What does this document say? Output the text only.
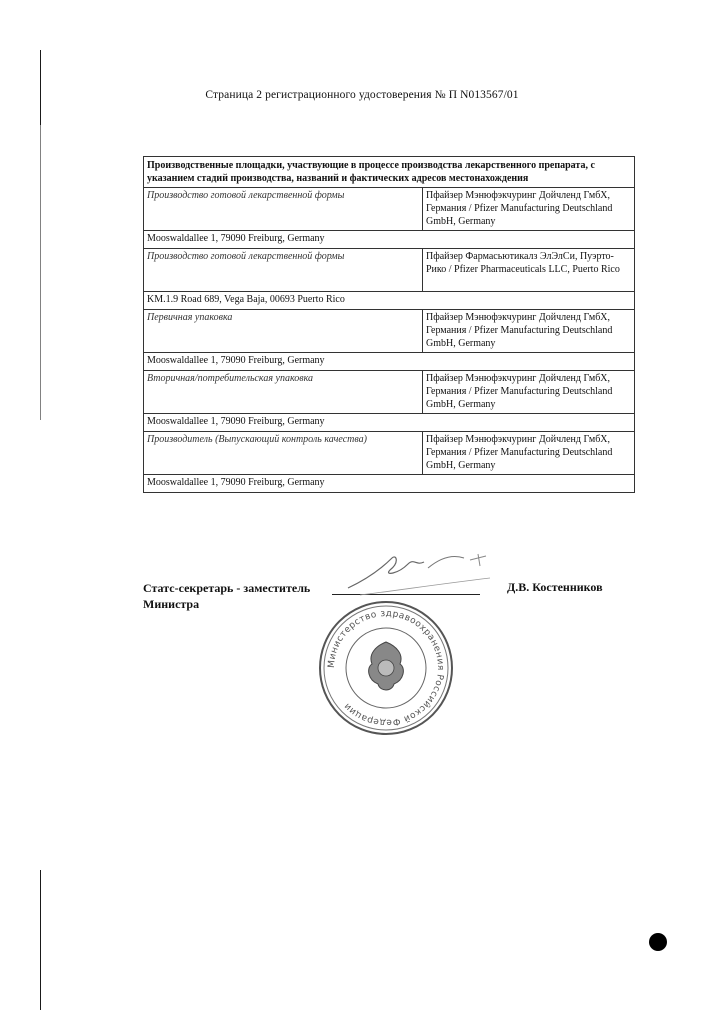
Страница 2 регистрационного удостоверения № П N013567/01
Производственные площадки, участвующие в процессе производства лекарственного препарата, с указанием стадий производства, названий и фактических адресов местонахождения	
Производство готовой лекарственной формы	Пфайзер Мэнюфэкчуринг Дойчленд ГмбХ, Германия / Pfizer Manufacturing Deutschland GmbH, Germany
Mooswaldallee 1, 79090 Freiburg, Germany	
Производство готовой лекарственной формы	Пфайзер Фармасьютикалз ЭлЭлСи, Пуэрто-Рико / Pfizer Pharmaceuticals LLC, Puerto Rico
KM.1.9 Road 689, Vega Baja, 00693 Puerto Rico	
Первичная упаковка	Пфайзер Мэнюфэкчуринг Дойчленд ГмбХ, Германия / Pfizer Manufacturing Deutschland GmbH, Germany
Mooswaldallee 1, 79090 Freiburg, Germany	
Вторичная/потребительская упаковка	Пфайзер Мэнюфэкчуринг Дойчленд ГмбХ, Германия / Pfizer Manufacturing Deutschland GmbH, Germany
Mooswaldallee 1, 79090 Freiburg, Germany	
Производитель (Выпускающий контроль качества)	Пфайзер Мэнюфэкчуринг Дойчленд ГмбХ, Германия / Pfizer Manufacturing Deutschland GmbH, Germany
Mooswaldallee 1, 79090 Freiburg, Germany	
Статс-секретарь - заместитель Министра
Д.В. Костенников
Министерство здравоохранения Российской Федерации
